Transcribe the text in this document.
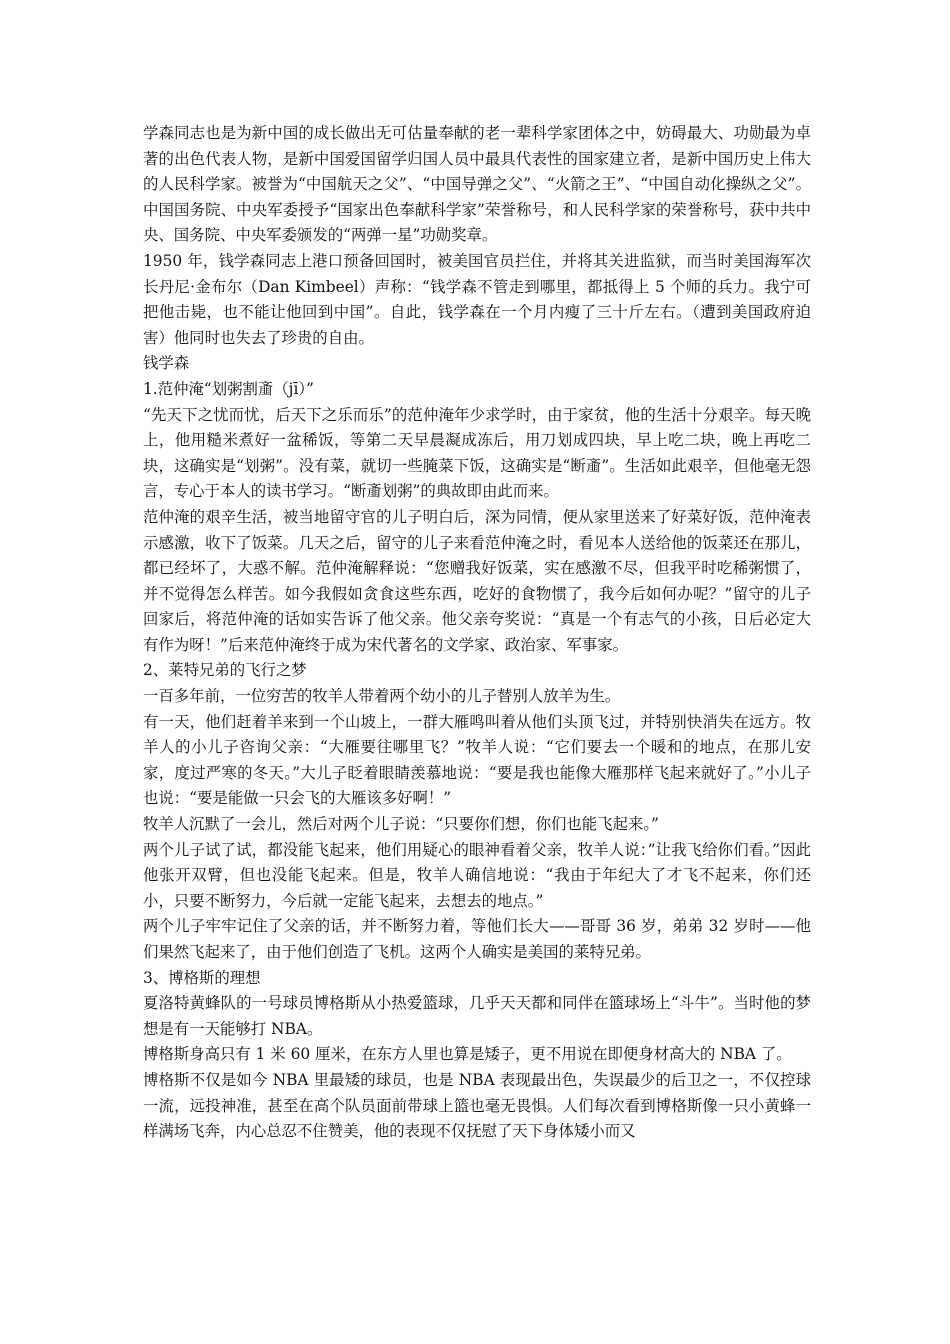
学森同志也是为新中国的成长做出无可估量奉献的老一辈科学家团体之中，妨碍最大、功勋最为卓著的出色代表人物，是新中国爱国留学归国人员中最具代表性的国家建立者，是新中国历史上伟大的人民科学家。被誉为“中国航天之父”、“中国导弹之父”、“火箭之王”、“中国自动化操纵之父”。中国国务院、中央军委授予“国家出色奉献科学家”荣誉称号，和人民科学家的荣誉称号，获中共中央、国务院、中央军委颁发的“两弹一星”功勋奖章。

1950 年，钱学森同志上港口预备回国时，被美国官员拦住，并将其关进监狱，而当时美国海军次长丹尼·金布尔（Dan Kimbeel）声称：“钱学森不管走到哪里，都抵得上 5 个师的兵力。我宁可把他击毙，也不能让他回到中国”。自此，钱学森在一个月内瘦了三十斤左右。（遭到美国政府迫害）他同时也失去了珍贵的自由。

钱学森

1.范仲淹“划粥割齑（jī）”

“先天下之忧而忧，后天下之乐而乐”的范仲淹年少求学时，由于家贫，他的生活十分艰辛。每天晚上，他用糙米煮好一盆稀饭，等第二天早晨凝成冻后，用刀划成四块，早上吃二块，晚上再吃二块，这确实是“划粥”。没有菜，就切一些腌菜下饭，这确实是“断齑”。生活如此艰辛，但他毫无怨言，专心于本人的读书学习。“断齑划粥”的典故即由此而来。

范仲淹的艰辛生活，被当地留守官的儿子明白后，深为同情，便从家里送来了好菜好饭，范仲淹表示感激，收下了饭菜。几天之后，留守的儿子来看范仲淹之时，看见本人送给他的饭菜还在那儿，都已经坏了，大惑不解。范仲淹解释说：“您赠我好饭菜，实在感激不尽，但我平时吃稀粥惯了，并不觉得怎么样苦。如今我假如贪食这些东西，吃好的食物惯了，我今后如何办呢？”留守的儿子回家后，将范仲淹的话如实告诉了他父亲。他父亲夸奖说：“真是一个有志气的小孩，日后必定大有作为呀！”后来范仲淹终于成为宋代著名的文学家、政治家、军事家。

2、莱特兄弟的飞行之梦

一百多年前，一位穷苦的牧羊人带着两个幼小的儿子替别人放羊为生。

有一天，他们赶着羊来到一个山坡上，一群大雁鸣叫着从他们头顶飞过，并特别快消失在远方。牧羊人的小儿子咨询父亲：“大雁要往哪里飞？”牧羊人说：“它们要去一个暖和的地点，在那儿安家，度过严寒的冬天。”大儿子眨着眼睛羡慕地说：“要是我也能像大雁那样飞起来就好了。”小儿子也说：“要是能做一只会飞的大雁该多好啊！”

牧羊人沉默了一会儿，然后对两个儿子说：“只要你们想，你们也能飞起来。”

两个儿子试了试，都没能飞起来，他们用疑心的眼神看着父亲，牧羊人说：”让我飞给你们看。”因此他张开双臂，但也没能飞起来。但是，牧羊人确信地说：“我由于年纪大了才飞不起来，你们还小，只要不断努力，今后就一定能飞起来，去想去的地点。”

两个儿子牢牢记住了父亲的话，并不断努力着，等他们长大——哥哥 36 岁，弟弟 32 岁时——他们果然飞起来了，由于他们创造了飞机。这两个人确实是美国的莱特兄弟。

3、博格斯的理想

夏洛特黄蜂队的一号球员博格斯从小热爱篮球，几乎天天都和同伴在篮球场上“斗牛”。当时他的梦想是有一天能够打 NBA。

博格斯身高只有 1 米 60 厘米，在东方人里也算是矮子，更不用说在即便身材高大的 NBA 了。

博格斯不仅是如今 NBA 里最矮的球员，也是 NBA 表现最出色，失误最少的后卫之一，不仅控球一流，远投神准，甚至在高个队员面前带球上篮也毫无畏惧。人们每次看到博格斯像一只小黄蜂一样满场飞奔，内心总忍不住赞美，他的表现不仅抚慰了天下身体矮小而又
